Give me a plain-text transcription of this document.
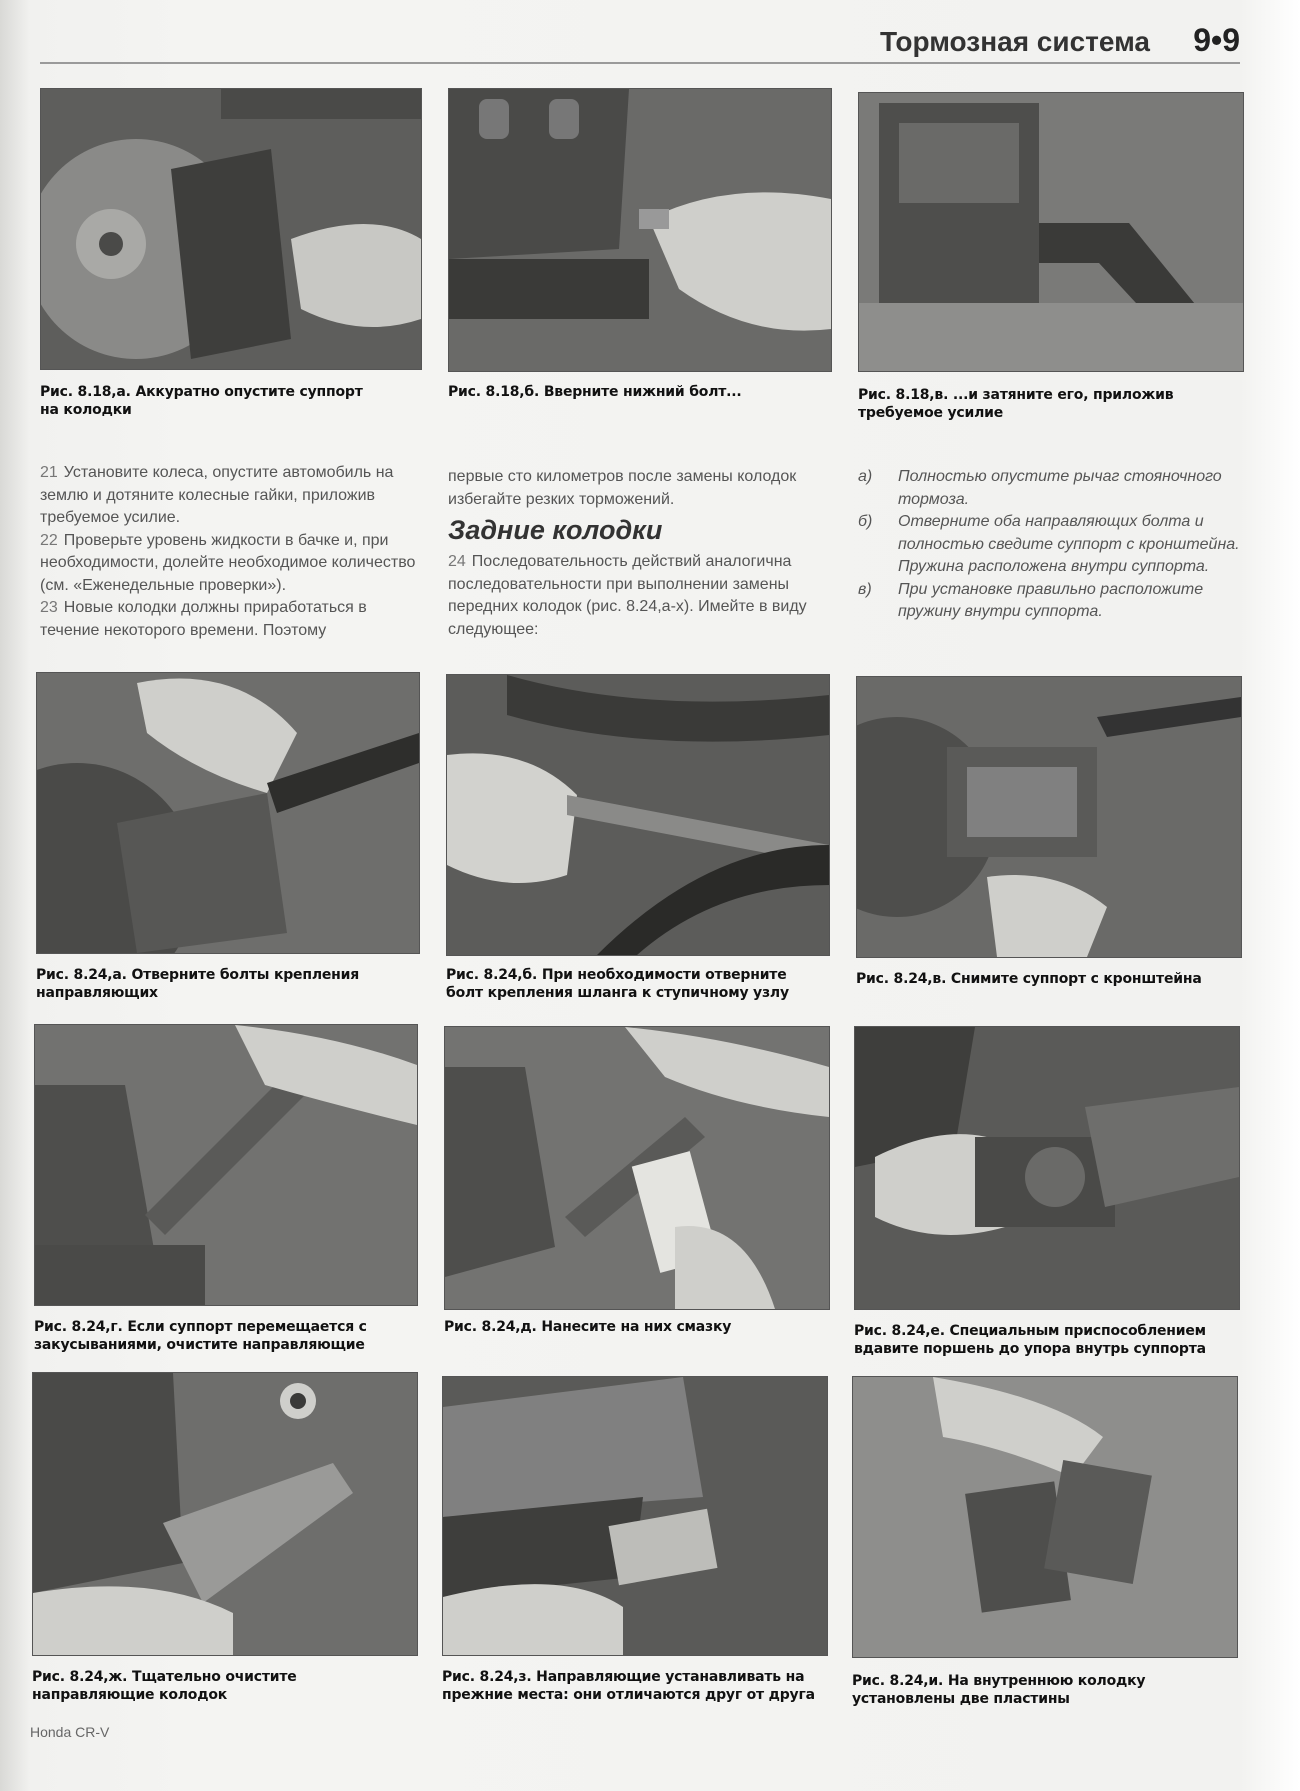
Тормозная система 9•9
Рис. 8.18,а. Аккуратно опустите суппорт на колодки
Рис. 8.18,б. Вверните нижний болт...	Рис. 8.18,в. ...и затяните его, приложив требуемое усилие

21 Установите колеса, опустите автомобиль на землю и дотяните колесные гайки, приложив требуемое усилие.

22 Проверьте уровень жидкости в бачке и, при необходимости, долейте необходимое количество (см. «Еженедельные проверки»).

23 Новые колодки должны приработаться в течение некоторого времени. Поэтому

первые сто километров после замены колодок избегайте резких торможений.

Задние колодки

24 Последовательность действий аналогична последовательности при выполнении замены передних колодок (рис. 8.24,а-х). Имейте в виду следующее:

а) Полностью опустите рычаг стояночного тормоза.
б) Отверните оба направляющих болта и полностью сведите суппорт с кронштейна. Пружина расположена внутри суппорта.
в) При установке правильно расположите пружину внутри суппорта.
Рис. 8.24,а. Отверните болты крепления направляющих
Рис. 8.24,б. При необходимости отверните болт крепления шланга к ступичному узлу
Рис. 8.24,в. Снимите суппорт с кронштейна
Рис. 8.24,г. Если суппорт перемещается с закусываниями, очистите направляющие
Рис. 8.24,д. Нанесите на них смазку	Рис. 8.24,е. Специальным приспособлением вдавите поршень до упора внутрь суппорта
Рис. 8.24,ж. Тщательно очистите направляющие колодок
Рис. 8.24,з. Направляющие устанавливать на прежние места: они отличаются друг от друга
Рис. 8.24,и. На внутреннюю колодку установлены две пластины
Honda CR-V
